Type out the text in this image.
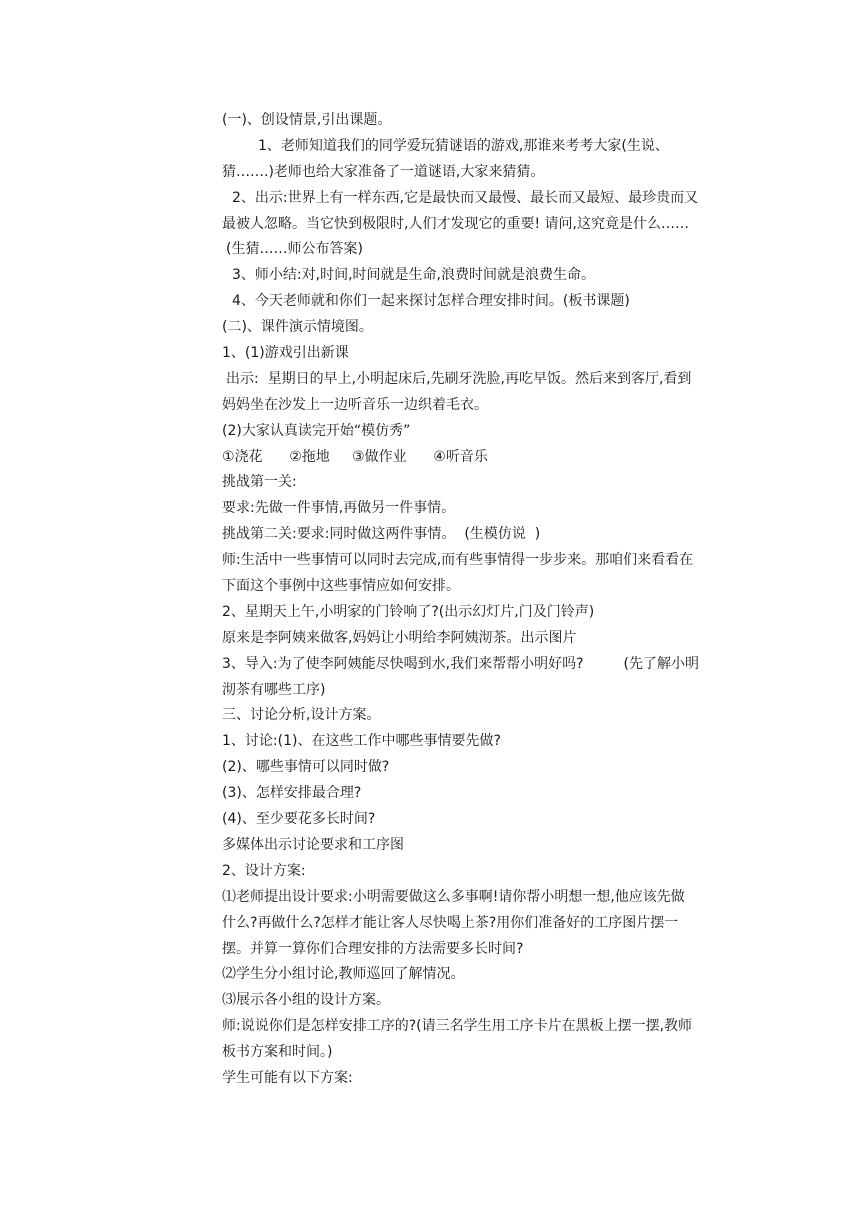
(一)、创设情景,引出课题。
1、老师知道我们的同学爱玩猜谜语的游戏,那谁来考考大家(生说、
猜…….)老师也给大家准备了一道谜语,大家来猜猜。
2、出示:世界上有一样东西,它是最快而又最慢、最长而又最短、最珍贵而又
最被人忽略。当它快到极限时,人们才发现它的重要! 请问,这究竟是什么……
(生猜……师公布答案)
3、师小结:对,时间,时间就是生命,浪费时间就是浪费生命。
4、今天老师就和你们一起来探讨怎样合理安排时间。(板书课题)
(二)、课件演示情境图。
1、(1)游戏引出新课
出示:  星期日的早上,小明起床后,先刷牙洗脸,再吃早饭。然后来到客厅,看到
妈妈坐在沙发上一边听音乐一边织着毛衣。
(2)大家认真读完开始“模仿秀”
①浇花      ②拖地     ③做作业      ④听音乐
挑战第一关:
要求:先做一件事情,再做另一件事情。
挑战第二关:要求:同时做这两件事情。  (生模仿说  )
师:生活中一些事情可以同时去完成,而有些事情得一步步来。那咱们来看看在
下面这个事例中这些事情应如何安排。
2、星期天上午,小明家的门铃响了?(出示幻灯片,门及门铃声)
原来是李阿姨来做客,妈妈让小明给李阿姨沏茶。出示图片
3、导入:为了使李阿姨能尽快喝到水,我们来帮帮小明好吗?         (先了解小明
沏茶有哪些工序)
三、讨论分析,设计方案。
1、讨论:(1)、在这些工作中哪些事情要先做?
(2)、哪些事情可以同时做?
(3)、怎样安排最合理?
(4)、至少要花多长时间?
多媒体出示讨论要求和工序图
2、设计方案:
⑴老师提出设计要求:小明需要做这么多事啊!请你帮小明想一想,他应该先做
什么?再做什么?怎样才能让客人尽快喝上茶?用你们准备好的工序图片摆一
摆。并算一算你们合理安排的方法需要多长时间?
⑵学生分小组讨论,教师巡回了解情况。
⑶展示各小组的设计方案。
师:说说你们是怎样安排工序的?(请三名学生用工序卡片在黑板上摆一摆,教师
板书方案和时间。)
学生可能有以下方案:
